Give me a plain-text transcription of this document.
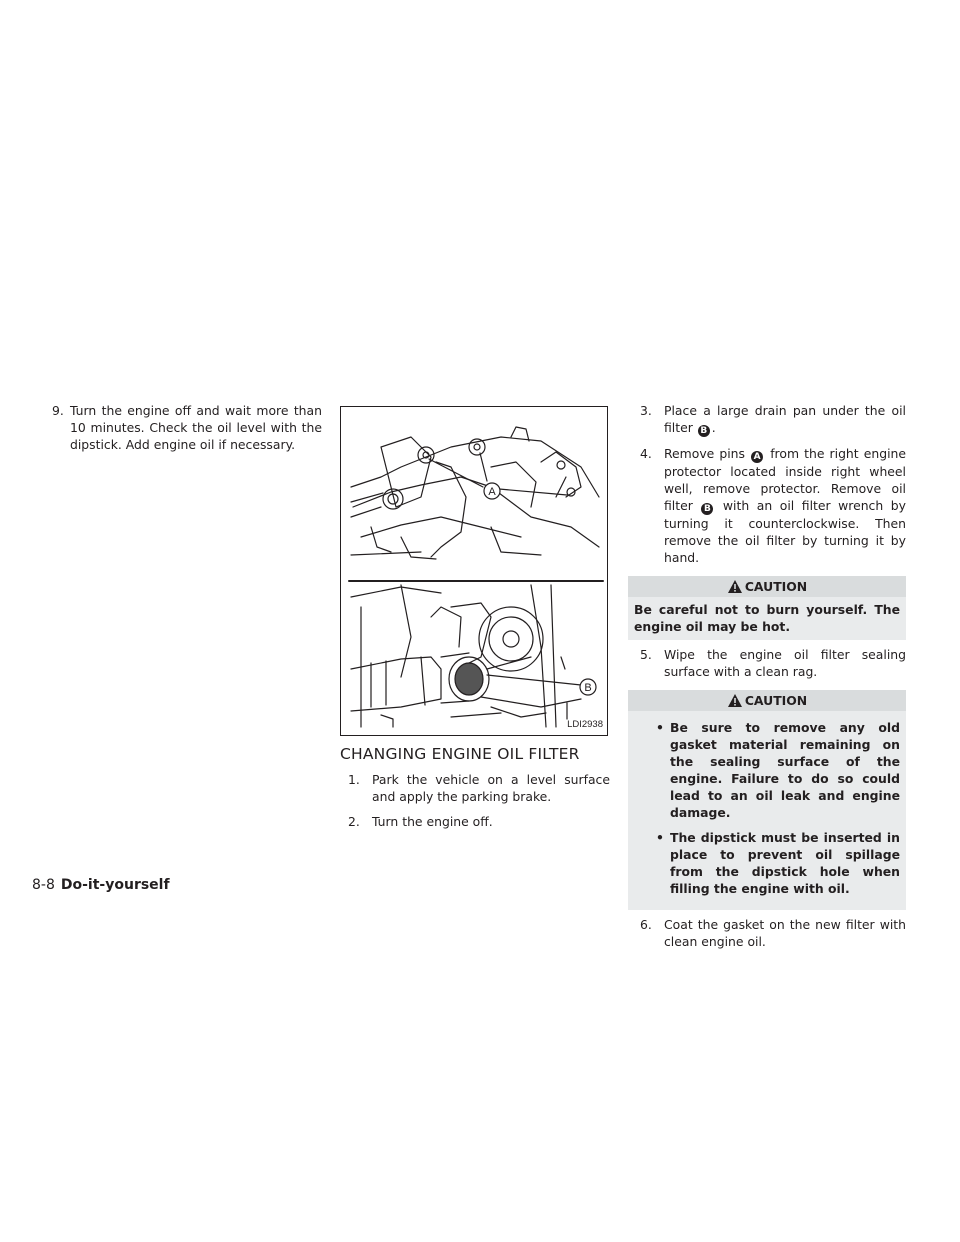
9. Turn the engine off and wait more than 10 minutes. Check the oil level with the dipstick. Add engine oil if necessary.
A
B
LDI2938
CHANGING ENGINE OIL FILTER
1. Park the vehicle on a level surface and apply the parking brake.
2. Turn the engine off.
3. Place a large drain pan under the oil filter B .
4. Remove pins A from the right engine protector located inside right wheel well, remove protector. Remove oil filter B with an oil filter wrench by turning it counterclockwise. Then remove the oil filter by turning it by hand.
CAUTION
Be careful not to burn yourself. The engine oil may be hot.
5. Wipe the engine oil filter sealing surface with a clean rag.
CAUTION
• Be sure to remove any old gasket material remaining on the sealing surface of the engine. Failure to do so could lead to an oil leak and engine damage.
• The dipstick must be inserted in place to prevent oil spillage from the dipstick hole when filling the engine with oil.
6. Coat the gasket on the new filter with clean engine oil.
8-8 Do-it-yourself
